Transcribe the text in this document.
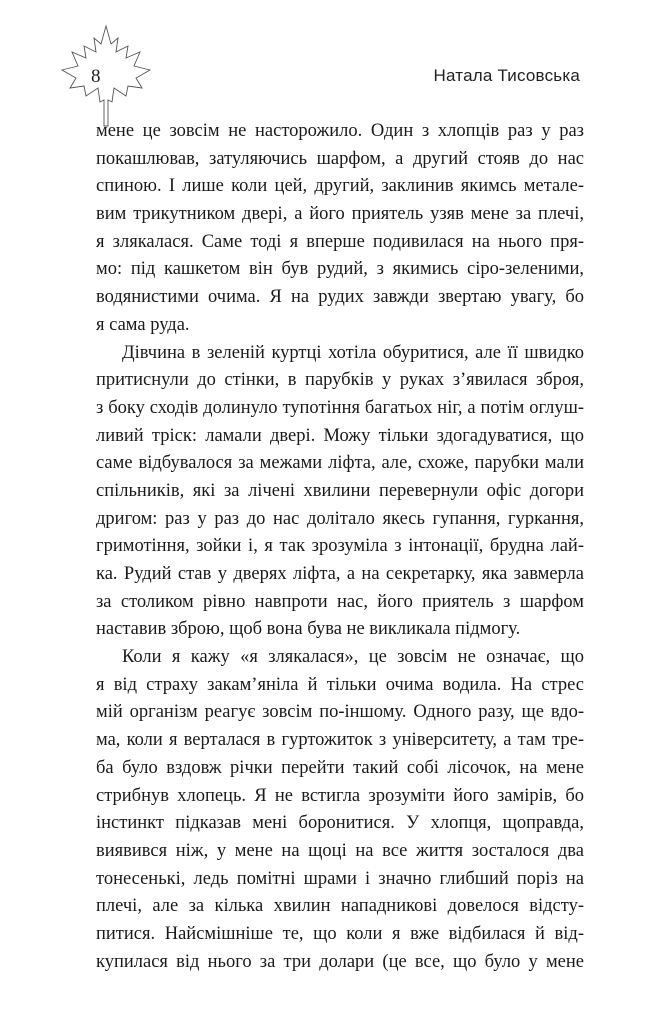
8	Натала Тисовська
мене це зовсім не насторожило. Один з хлопців раз у раз
покашлював, затуляючись шарфом, а другий стояв до нас
спиною. І лише коли цей, другий, заклинив якимсь метале-
вим трикутником двері, а його приятель узяв мене за плечі,
я злякалася. Саме тоді я вперше подивилася на нього пря-
мо: під кашкетом він був рудий, з якимись сіро-зеленими,
водянистими очима. Я на рудих завжди звертаю увагу, бо
я сама руда.
Дівчина в зеленій куртці хотіла обуритися, але її швидко
притиснули до стінки, в парубків у руках з’явилася зброя,
з боку сходів долинуло тупотіння багатьох ніг, а потім оглуш-
ливий тріск: ламали двері. Можу тільки здогадуватися, що
саме відбувалося за межами ліфта, але, схоже, парубки мали
спільників, які за лічені хвилини перевернули офіс догори
дригом: раз у раз до нас долітало якесь гупання, гуркання,
гримотіння, зойки і, я так зрозуміла з інтонації, брудна лай-
ка. Рудий став у дверях ліфта, а на секретарку, яка завмерла
за столиком рівно навпроти нас, його приятель з шарфом
наставив зброю, щоб вона бува не викликала підмогу.
Коли я кажу «я злякалася», це зовсім не означає, що
я від страху закам’яніла й тільки очима водила. На стрес
мій організм реагує зовсім по-іншому. Одного разу, ще вдо-
ма, коли я верталася в гуртожиток з університету, а там тре-
ба було вздовж річки перейти такий собі лісочок, на мене
стрибнув хлопець. Я не встигла зрозуміти його замірів, бо
інстинкт підказав мені боронитися. У хлопця, щоправда,
виявився ніж, у мене на щоці на все життя зосталося два
тонесенькі, ледь помітні шрами і значно глибший поріз на
плечі, але за кілька хвилин нападникові довелося відсту-
питися. Найсмішніше те, що коли я вже відбилася й від-
купилася від нього за три долари (це все, що було у мене
